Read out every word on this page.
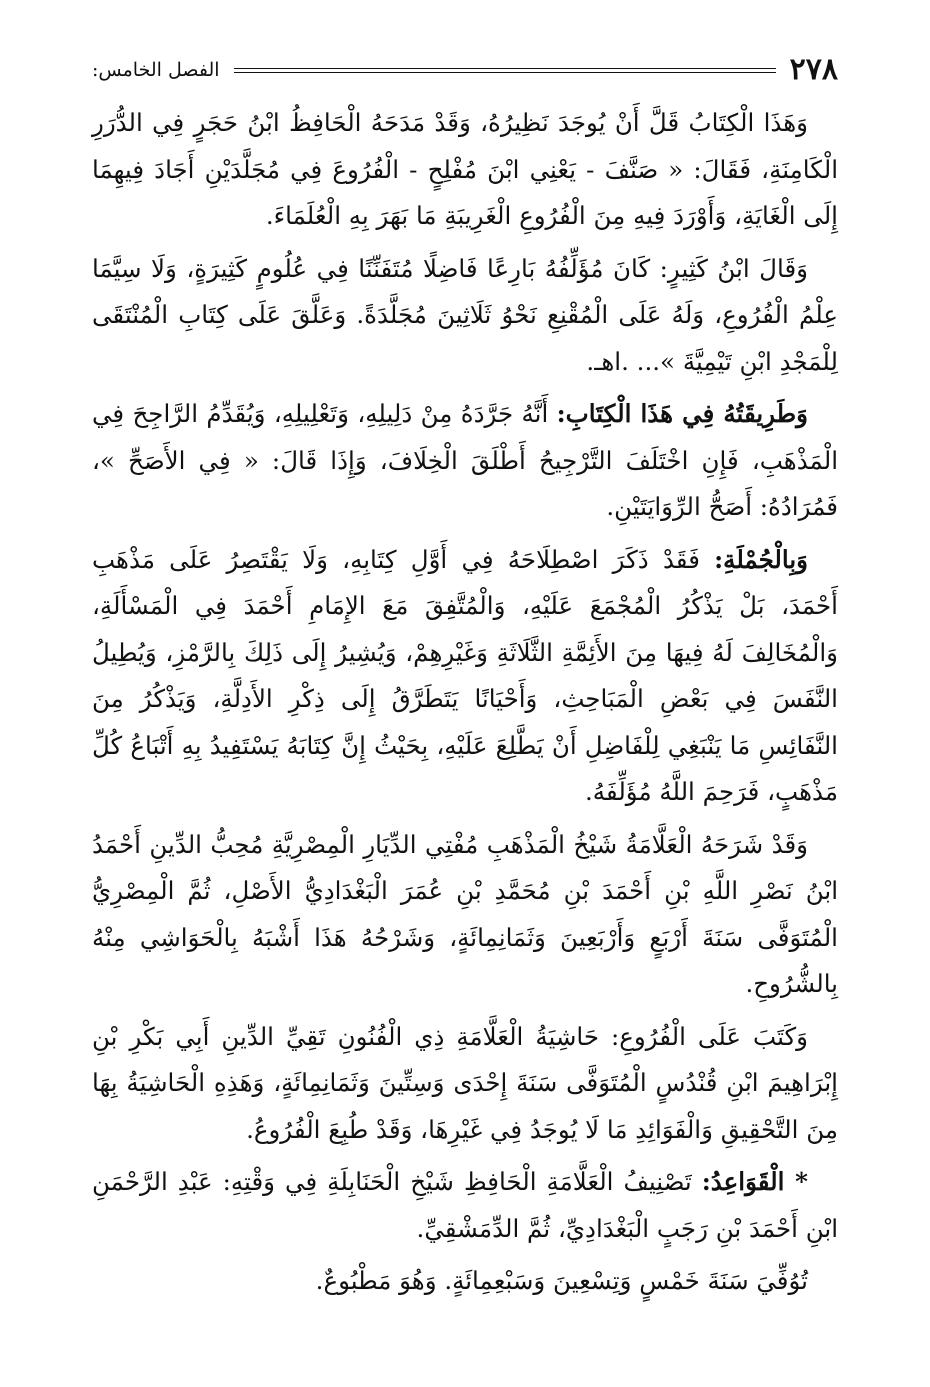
٢٧٨
الفصل الخامس:

وَهَذَا الْكِتَابُ قَلَّ أَنْ يُوجَدَ نَظِيرُهُ، وَقَدْ مَدَحَهُ الْحَافِظُ ابْنُ حَجَرٍ فِي الدُّرَرِ الْكَامِنَةِ، فَقَالَ: « صَنَّفَ - يَعْنِي ابْنَ مُفْلِحٍ - الْفُرُوعَ فِي مُجَلَّدَيْنِ أَجَادَ فِيهِمَا إِلَى الْغَايَةِ، وَأَوْرَدَ فِيهِ مِنَ الْفُرُوعِ الْغَرِيبَةِ مَا بَهَرَ بِهِ الْعُلَمَاءَ.

وَقَالَ ابْنُ كَثِيرٍ: كَانَ مُؤَلِّفُهُ بَارِعًا فَاضِلًا مُتَفَنِّنًا فِي عُلُومٍ كَثِيرَةٍ، وَلَا سِيَّمَا عِلْمُ الْفُرُوعِ، وَلَهُ عَلَى الْمُقْنِعِ نَحْوُ ثَلَاثِينَ مُجَلَّدَةً. وَعَلَّقَ عَلَى كِتَابِ الْمُنْتَقَى لِلْمَجْدِ ابْنِ تَيْمِيَّةَ »... .اهـ.

وَطَرِيقَتُهُ فِي هَذَا الْكِتَابِ: أَنَّهُ جَرَّدَهُ مِنْ دَلِيلِهِ، وَتَعْلِيلِهِ، وَيُقَدِّمُ الرَّاجِحَ فِي الْمَذْهَبِ، فَإِنِ اخْتَلَفَ التَّرْجِيحُ أَطْلَقَ الْخِلَافَ، وَإِذَا قَالَ: « فِي الأَصَحِّ »، فَمُرَادُهُ: أَصَحُّ الرِّوَايَتَيْنِ.

وَبِالْجُمْلَةِ: فَقَدْ ذَكَرَ اصْطِلَاحَهُ فِي أَوَّلِ كِتَابِهِ، وَلَا يَقْتَصِرُ عَلَى مَذْهَبِ أَحْمَدَ، بَلْ يَذْكُرُ الْمُجْمَعَ عَلَيْهِ، وَالْمُتَّفِقَ مَعَ الإِمَامِ أَحْمَدَ فِي الْمَسْأَلَةِ، وَالْمُخَالِفَ لَهُ فِيهَا مِنَ الأَئِمَّةِ الثَّلَاثَةِ وَغَيْرِهِمْ، وَيُشِيرُ إِلَى ذَلِكَ بِالرَّمْزِ، وَيُطِيلُ النَّفَسَ فِي بَعْضِ الْمَبَاحِثِ، وَأَحْيَانًا يَتَطَرَّقُ إِلَى ذِكْرِ الأَدِلَّةِ، وَيَذْكُرُ مِنَ النَّفَائِسِ مَا يَنْبَغِي لِلْفَاضِلِ أَنْ يَطَّلِعَ عَلَيْهِ، بِحَيْثُ إِنَّ كِتَابَهُ يَسْتَفِيدُ بِهِ أَتْبَاعُ كُلِّ مَذْهَبٍ، فَرَحِمَ اللَّهُ مُؤَلِّفَهُ.

وَقَدْ شَرَحَهُ الْعَلَّامَةُ شَيْخُ الْمَذْهَبِ مُفْتِي الدِّيَارِ الْمِصْرِيَّةِ مُحِبُّ الدِّينِ أَحْمَدُ ابْنُ نَصْرِ اللَّهِ بْنِ أَحْمَدَ بْنِ مُحَمَّدِ بْنِ عُمَرَ الْبَغْدَادِيُّ الأَصْلِ، ثُمَّ الْمِصْرِيُّ الْمُتَوَفَّى سَنَةَ أَرْبَعٍ وَأَرْبَعِينَ وَثَمَانِمِائَةٍ، وَشَرْحُهُ هَذَا أَشْبَهُ بِالْحَوَاشِي مِنْهُ بِالشُّرُوحِ.

وَكَتَبَ عَلَى الْفُرُوعِ: حَاشِيَةُ الْعَلَّامَةِ ذِي الْفُنُونِ تَقِيِّ الدِّينِ أَبِي بَكْرِ بْنِ إِبْرَاهِيمَ ابْنِ قُنْدُسٍ الْمُتَوَفَّى سَنَةَ إِحْدَى وَسِتِّينَ وَثَمَانِمِائَةٍ، وَهَذِهِ الْحَاشِيَةُ بِهَا مِنَ التَّحْقِيقِ وَالْفَوَائِدِ مَا لَا يُوجَدُ فِي غَيْرِهَا، وَقَدْ طُبِعَ الْفُرُوعُ.

* الْقَوَاعِدُ: تَصْنِيفُ الْعَلَّامَةِ الْحَافِظِ شَيْخِ الْحَنَابِلَةِ فِي وَقْتِهِ: عَبْدِ الرَّحْمَنِ ابْنِ أَحْمَدَ بْنِ رَجَبٍ الْبَغْدَادِيِّ، ثُمَّ الدِّمَشْقِيِّ.

تُوُفِّيَ سَنَةَ خَمْسٍ وَتِسْعِينَ وَسَبْعِمِائَةٍ. وَهُوَ مَطْبُوعٌ.
